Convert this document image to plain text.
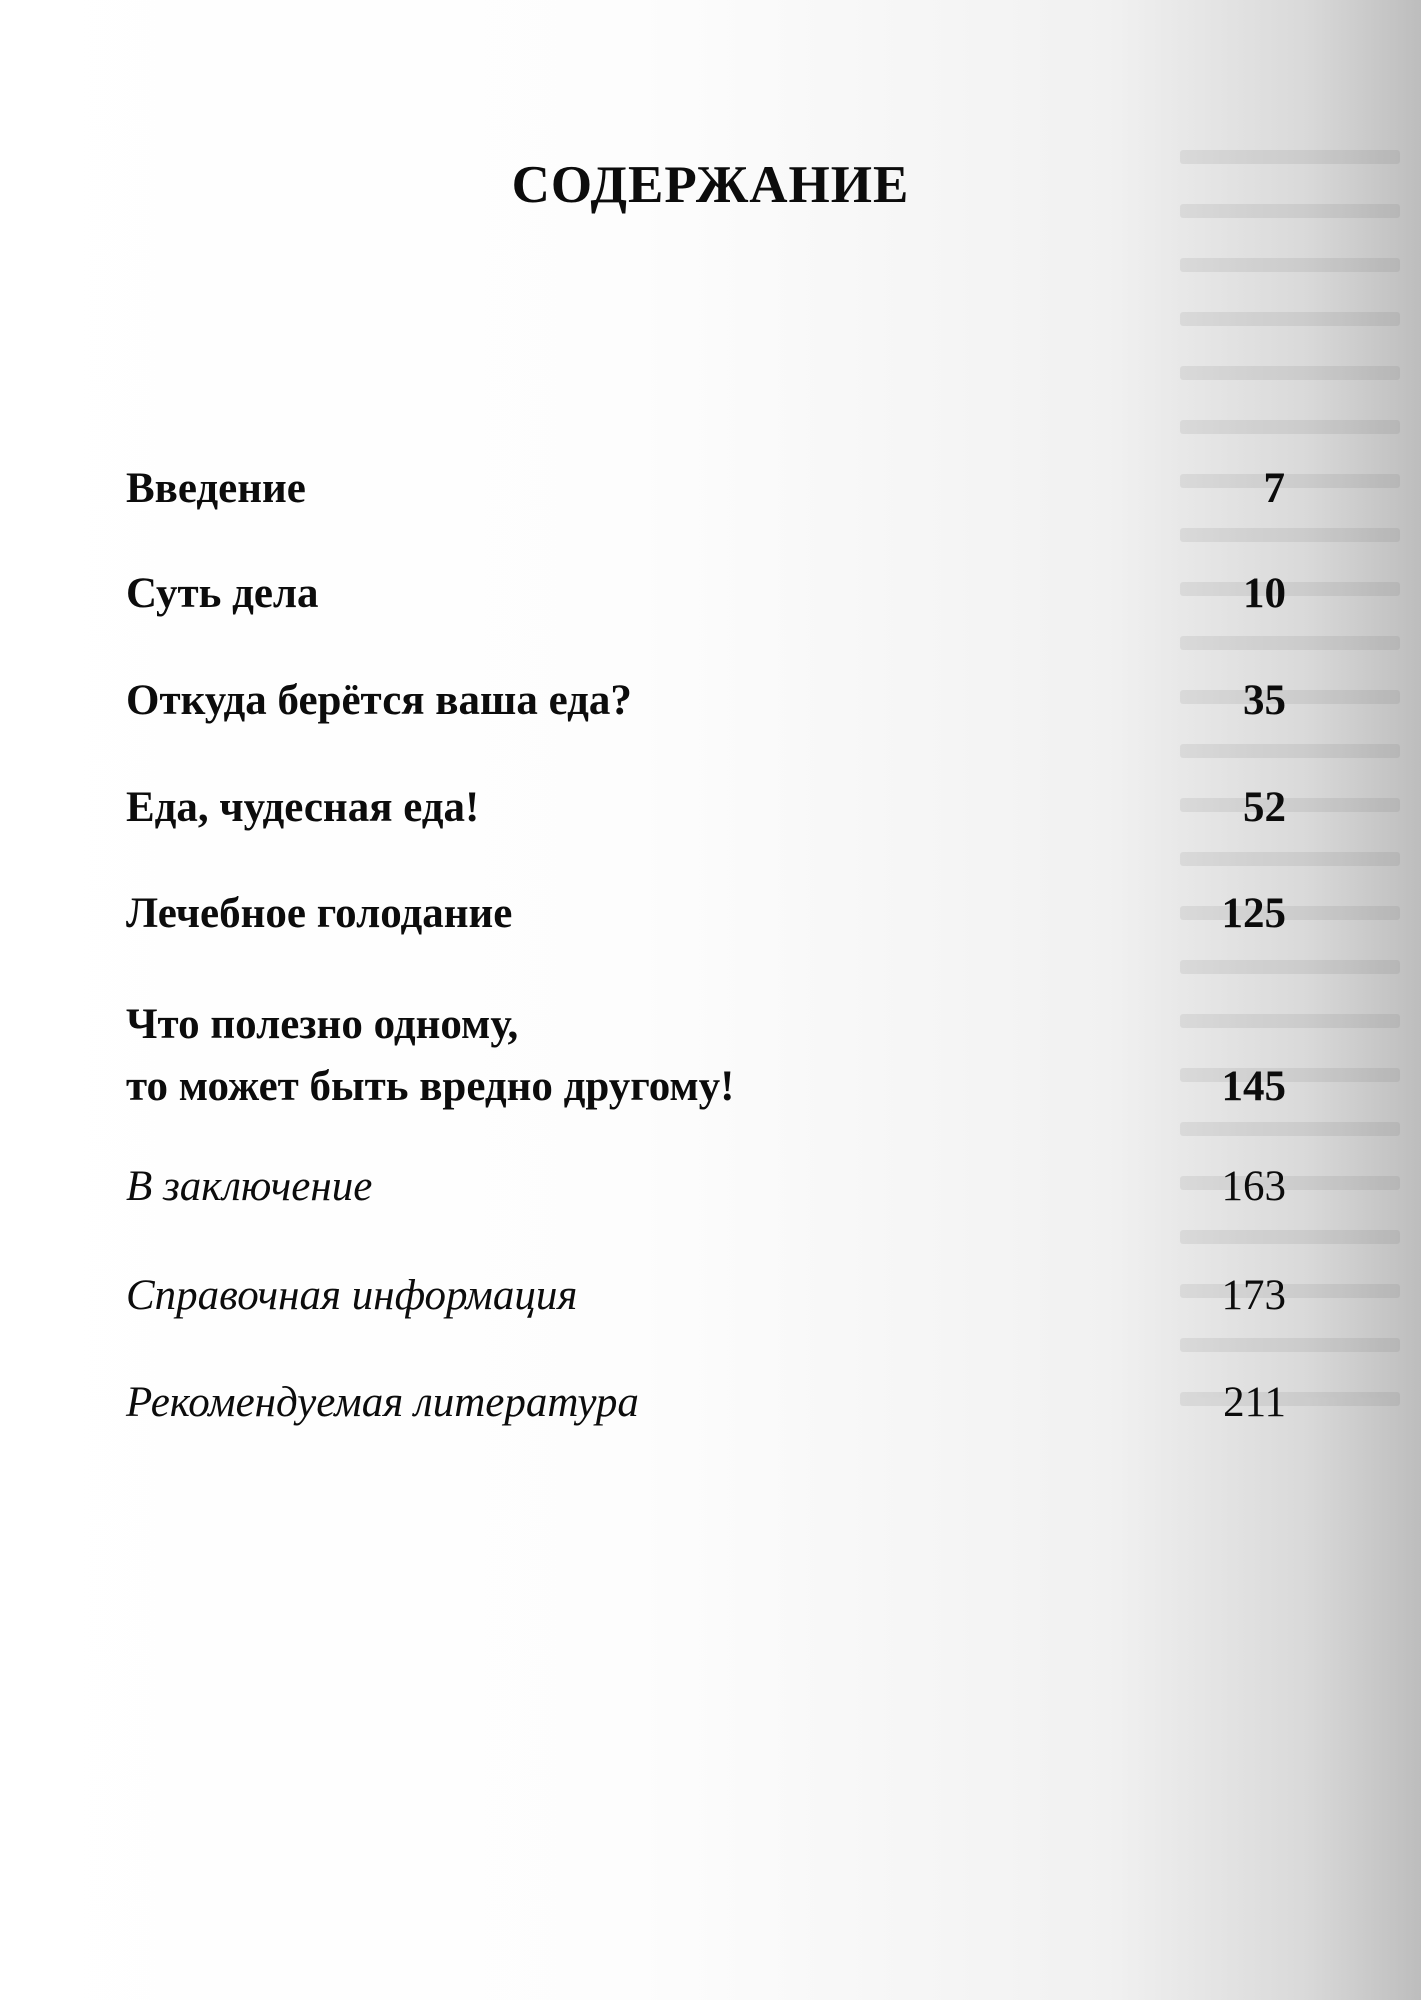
СОДЕРЖАНИЕ
Введение	7
Суть дела	10
Откуда берётся ваша еда?	35
Еда, чудесная еда!	52
Лечебное голодание	125
Что полезно одному,
то может быть вредно другому!	145
В заключение	163
Справочная информация	173
Рекомендуемая литература	211
